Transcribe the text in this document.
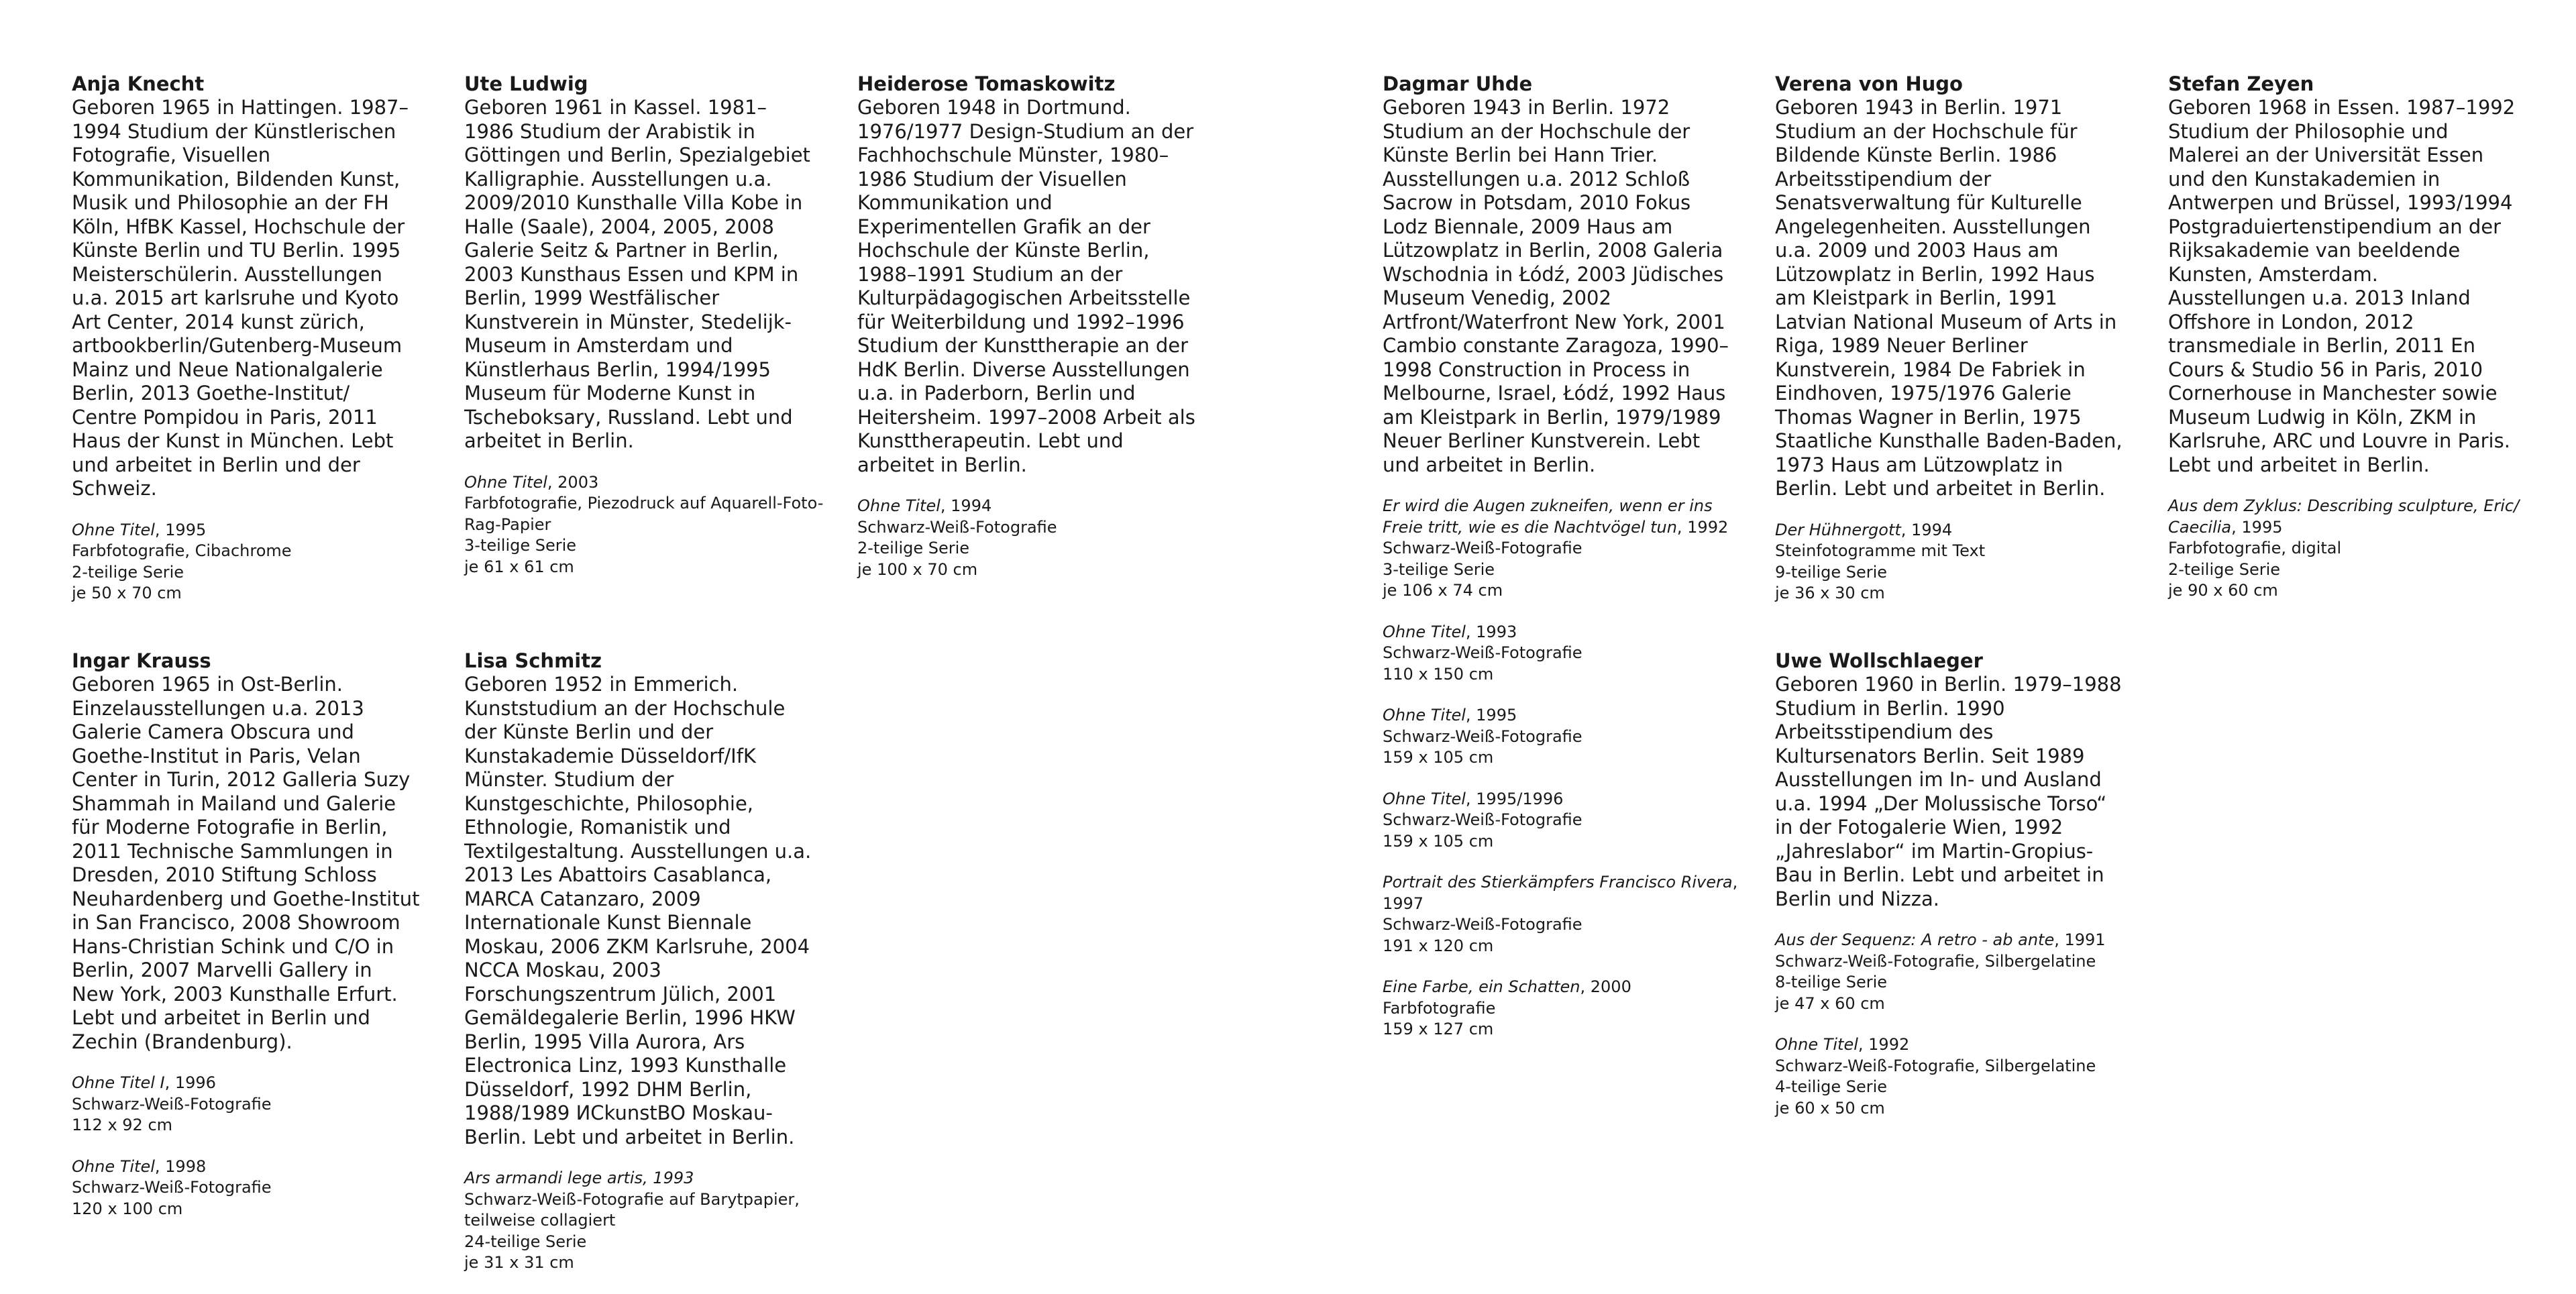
Anja Knecht

Geboren 1965 in Hattingen. 1987–1994 Studium der Künstlerischen Fotografie, Visuellen Kommunikation, Bildenden Kunst, Musik und Philosophie an der FH Köln, HfBK Kassel, Hochschule der Künste Berlin und TU Berlin. 1995 Meisterschülerin. Ausstellungen u.a. 2015 art karlsruhe und Kyoto Art Center, 2014 kunst zürich, artbookberlin/Gutenberg-Museum Mainz und Neue Nationalgalerie Berlin, 2013 Goethe-Institut/ Centre Pompidou in Paris, 2011 Haus der Kunst in München. Lebt und arbeitet in Berlin und der Schweiz.

Ohne Titel, 1995

Farbfotografie, Cibachrome

2-teilige Serie

je 50 x 70 cm

Ute Ludwig

Geboren 1961 in Kassel. 1981–1986 Studium der Arabistik in Göttingen und Berlin, Spezialgebiet Kalligraphie. Ausstellungen u.a. 2009/2010 Kunsthalle Villa Kobe in Halle (Saale), 2004, 2005, 2008 Galerie Seitz & Partner in Berlin, 2003 Kunsthaus Essen und KPM in Berlin, 1999 Westfälischer Kunstverein in Münster, Stedelijk-Museum in Amsterdam und Künstlerhaus Berlin, 1994/1995 Museum für Moderne Kunst in Tscheboksary, Russland. Lebt und arbeitet in Berlin.

Ohne Titel, 2003

Farbfotografie, Piezodruck auf Aquarell-Foto-Rag-Papier

3-teilige Serie

je 61 x 61 cm

Heiderose Tomaskowitz

Geboren 1948 in Dortmund. 1976/1977 Design-Studium an der Fachhochschule Münster, 1980–1986 Studium der Visuellen Kommunikation und Experimentellen Grafik an der Hochschule der Künste Berlin, 1988–1991 Studium an der Kulturpädagogischen Arbeitsstelle für Weiterbildung und 1992–1996 Studium der Kunsttherapie an der HdK Berlin. Diverse Ausstellungen u.a. in Paderborn, Berlin und Heitersheim. 1997–2008 Arbeit als Kunsttherapeutin. Lebt und arbeitet in Berlin.

Ohne Titel, 1994

Schwarz-Weiß-Fotografie

2-teilige Serie

je 100 x 70 cm

Dagmar Uhde

Geboren 1943 in Berlin. 1972 Studium an der Hochschule der Künste Berlin bei Hann Trier. Ausstellungen u.a. 2012 Schloß Sacrow in Potsdam, 2010 Fokus Lodz Biennale, 2009 Haus am Lützowplatz in Berlin, 2008 Galeria Wschodnia in Łódź, 2003 Jüdisches Museum Venedig, 2002 Artfront/Waterfront New York, 2001 Cambio constante Zaragoza, 1990–1998 Construction in Process in Melbourne, Israel, Łódź, 1992 Haus am Kleistpark in Berlin, 1979/1989 Neuer Berliner Kunstverein. Lebt und arbeitet in Berlin.

Er wird die Augen zukneifen, wenn er ins Freie tritt, wie es die Nachtvögel tun, 1992

Schwarz-Weiß-Fotografie

3-teilige Serie

je 106 x 74 cm

Ohne Titel, 1993

Schwarz-Weiß-Fotografie

110 x 150 cm

Ohne Titel, 1995

Schwarz-Weiß-Fotografie

159 x 105 cm

Ohne Titel, 1995/1996

Schwarz-Weiß-Fotografie

159 x 105 cm

Portrait des Stierkämpfers Francisco Rivera, 1997

Schwarz-Weiß-Fotografie

191 x 120 cm

Eine Farbe, ein Schatten, 2000

Farbfotografie

159 x 127 cm

Verena von Hugo

Geboren 1943 in Berlin. 1971 Studium an der Hochschule für Bildende Künste Berlin. 1986 Arbeitsstipendium der Senatsverwaltung für Kulturelle Angelegenheiten. Ausstellungen u.a. 2009 und 2003 Haus am Lützowplatz in Berlin, 1992 Haus am Kleistpark in Berlin, 1991 Latvian National Museum of Arts in Riga, 1989 Neuer Berliner Kunstverein, 1984 De Fabriek in Eindhoven, 1975/1976 Galerie Thomas Wagner in Berlin, 1975 Staatliche Kunsthalle Baden-Baden, 1973 Haus am Lützowplatz in Berlin. Lebt und arbeitet in Berlin.

Der Hühnergott, 1994

Steinfotogramme mit Text

9-teilige Serie

je 36 x 30 cm

Stefan Zeyen

Geboren 1968 in Essen. 1987–1992 Studium der Philosophie und Malerei an der Universität Essen und den Kunstakademien in Antwerpen und Brüssel, 1993/1994 Postgraduiertenstipendium an der Rijksakademie van beeldende Kunsten, Amsterdam. Ausstellungen u.a. 2013 Inland Offshore in London, 2012 transmediale in Berlin, 2011 En Cours & Studio 56 in Paris, 2010 Cornerhouse in Manchester sowie Museum Ludwig in Köln, ZKM in Karlsruhe, ARC und Louvre in Paris. Lebt und arbeitet in Berlin.

Aus dem Zyklus: Describing sculpture, Eric/ Caecilia, 1995

Farbfotografie, digital

2-teilige Serie

je 90 x 60 cm

Ingar Krauss

Geboren 1965 in Ost-Berlin. Einzelausstellungen u.a. 2013 Galerie Camera Obscura und Goethe-Institut in Paris, Velan Center in Turin, 2012 Galleria Suzy Shammah in Mailand und Galerie für Moderne Fotografie in Berlin, 2011 Technische Sammlungen in Dresden, 2010 Stiftung Schloss Neuhardenberg und Goethe-Institut in San Francisco, 2008 Showroom Hans-Christian Schink und C/O in Berlin, 2007 Marvelli Gallery in New York, 2003 Kunsthalle Erfurt. Lebt und arbeitet in Berlin und Zechin (Brandenburg).

Ohne Titel I, 1996

Schwarz-Weiß-Fotografie

112 x 92 cm

Ohne Titel, 1998

Schwarz-Weiß-Fotografie

120 x 100 cm

Lisa Schmitz

Geboren 1952 in Emmerich. Kunststudium an der Hochschule der Künste Berlin und der Kunstakademie Düsseldorf/IfK Münster. Studium der Kunstgeschichte, Philosophie, Ethnologie, Romanistik und Textilgestaltung. Ausstellungen u.a. 2013 Les Abattoirs Casablanca, MARCA Catanzaro, 2009 Internationale Kunst Biennale Moskau, 2006 ZKM Karlsruhe, 2004 NCCA Moskau, 2003 Forschungszentrum Jülich, 2001 Gemäldegalerie Berlin, 1996 HKW Berlin, 1995 Villa Aurora, Ars Electronica Linz, 1993 Kunsthalle Düsseldorf, 1992 DHM Berlin, 1988/1989 ИСkunstBO Moskau-Berlin. Lebt und arbeitet in Berlin.

Ars armandi lege artis, 1993

Schwarz-Weiß-Fotografie auf Barytpapier, teilweise collagiert

24-teilige Serie

je 31 x 31 cm

Uwe Wollschlaeger

Geboren 1960 in Berlin. 1979–1988 Studium in Berlin. 1990 Arbeitsstipendium des Kultursenators Berlin. Seit 1989 Ausstellungen im In- und Ausland u.a. 1994 „Der Molussische Torso“ in der Fotogalerie Wien, 1992 „Jahreslabor“ im Martin-Gropius-Bau in Berlin. Lebt und arbeitet in Berlin und Nizza.

Aus der Sequenz: A retro - ab ante, 1991

Schwarz-Weiß-Fotografie, Silbergelatine

8-teilige Serie

je 47 x 60 cm

Ohne Titel, 1992

Schwarz-Weiß-Fotografie, Silbergelatine

4-teilige Serie

je 60 x 50 cm
